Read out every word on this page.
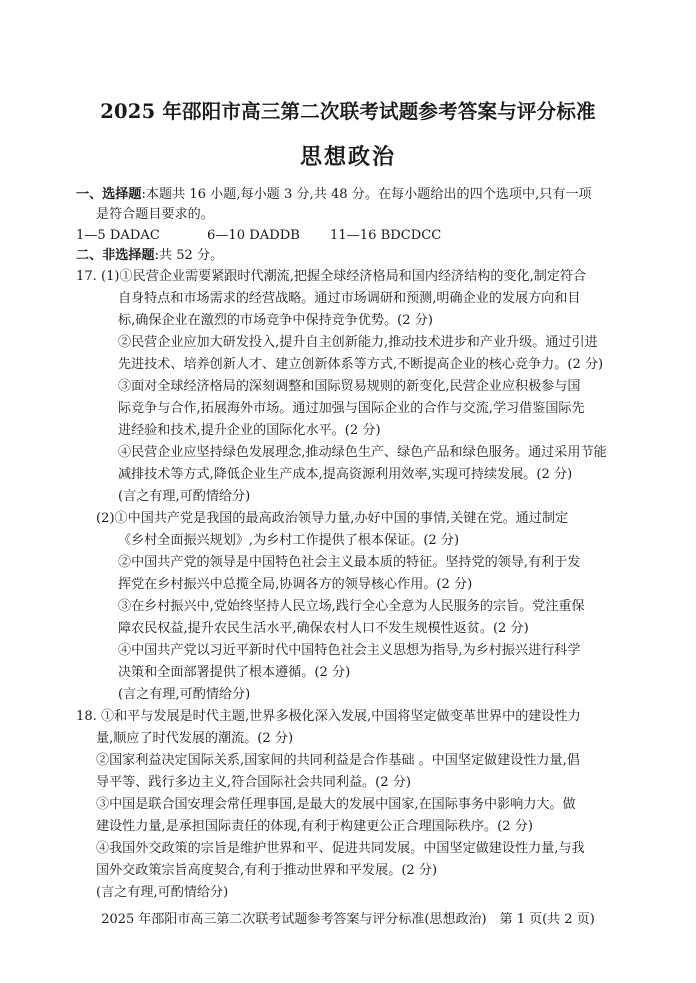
2025 年邵阳市高三第二次联考试题参考答案与评分标准
思想政治
一、选择题:本题共 16 小题,每小题 3 分,共 48 分。在每小题给出的四个选项中,只有一项
是符合题目要求的。
1—5 DADAC	6—10 DADDB 11—16 BDCDCC
二、非选择题:共 52 分。
17. (1)①民营企业需要紧跟时代潮流,把握全球经济格局和国内经济结构的变化,制定符合
自身特点和市场需求的经营战略。通过市场调研和预测,明确企业的发展方向和目
标,确保企业在激烈的市场竞争中保持竞争优势。(2 分)
②民营企业应加大研发投入,提升自主创新能力,推动技术进步和产业升级。通过引进
先进技术、培养创新人才、建立创新体系等方式,不断提高企业的核心竞争力。(2 分)
③面对全球经济格局的深刻调整和国际贸易规则的新变化,民营企业应积极参与国
际竞争与合作,拓展海外市场。通过加强与国际企业的合作与交流,学习借鉴国际先
进经验和技术,提升企业的国际化水平。(2 分)
④民营企业应坚持绿色发展理念,推动绿色生产、绿色产品和绿色服务。通过采用节能
减排技术等方式,降低企业生产成本,提高资源利用效率,实现可持续发展。(2 分)
(言之有理,可酌情给分)
(2)①中国共产党是我国的最高政治领导力量,办好中国的事情,关键在党。通过制定
《乡村全面振兴规划》,为乡村工作提供了根本保证。(2 分)
②中国共产党的领导是中国特色社会主义最本质的特征。坚持党的领导,有利于发
挥党在乡村振兴中总揽全局,协调各方的领导核心作用。(2 分)
③在乡村振兴中,党始终坚持人民立场,践行全心全意为人民服务的宗旨。党注重保
障农民权益,提升农民生活水平,确保农村人口不发生规模性返贫。(2 分)
④中国共产党以习近平新时代中国特色社会主义思想为指导,为乡村振兴进行科学
决策和全面部署提供了根本遵循。(2 分)
(言之有理,可酌情给分)
18. ①和平与发展是时代主题,世界多极化深入发展,中国将坚定做变革世界中的建设性力
量,顺应了时代发展的潮流。(2 分)
②国家利益决定国际关系,国家间的共同利益是合作基础 。中国坚定做建设性力量,倡
导平等、践行多边主义,符合国际社会共同利益。(2 分)
③中国是联合国安理会常任理事国,是最大的发展中国家,在国际事务中影响力大。做
建设性力量,是承担国际责任的体现,有利于构建更公正合理国际秩序。(2 分)
④我国外交政策的宗旨是维护世界和平、促进共同发展。中国坚定做建设性力量,与我
国外交政策宗旨高度契合,有利于推动世界和平发展。(2 分)
(言之有理,可酌情给分)
2025 年邵阳市高三第二次联考试题参考答案与评分标准(思想政治)　第 1 页(共 2 页)
